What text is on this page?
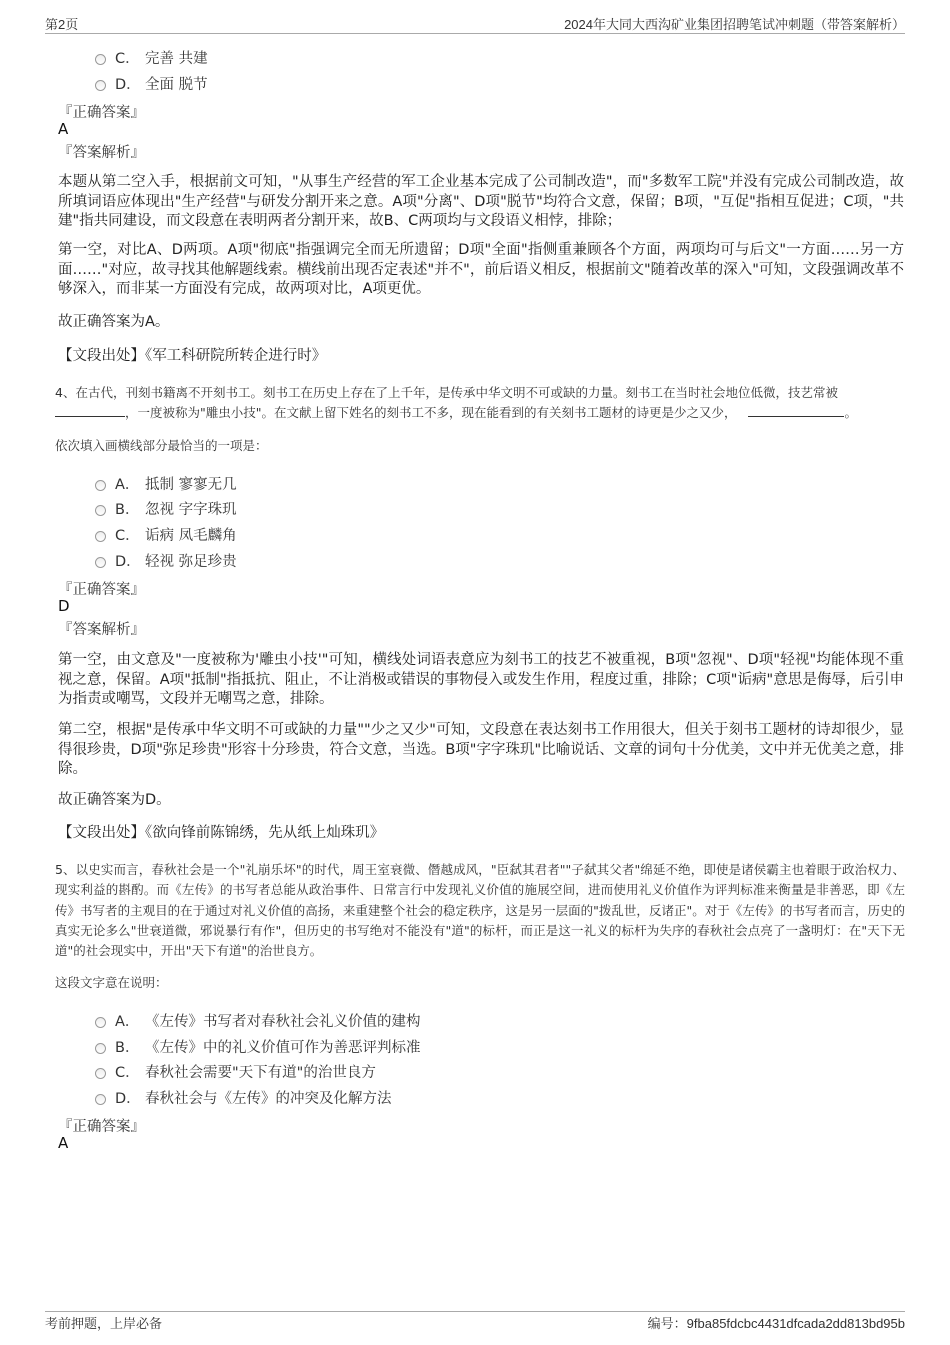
第2页	2024年大同大西沟矿业集团招聘笔试冲刺题（带答案解析）
C． 完善 共建
D． 全面 脱节
『正确答案』
A
『答案解析』
本题从第二空入手，根据前文可知，"从事生产经营的军工企业基本完成了公司制改造"，而"多数军工院"并没有完成公司制改造，故所填词语应体现出"生产经营"与研发分割开来之意。A项"分离"、D项"脱节"均符合文意，保留；B项，"互促"指相互促进；C项，"共建"指共同建设，而文段意在表明两者分割开来，故B、C两项均与文段语义相悖，排除；
第一空，对比A、D两项。A项"彻底"指强调完全而无所遗留；D项"全面"指侧重兼顾各个方面，两项均可与后文"一方面……另一方面……"对应，故寻找其他解题线索。横线前出现否定表述"并不"，前后语义相反，根据前文"随着改革的深入"可知，文段强调改革不够深入，而非某一方面没有完成，故两项对比，A项更优。
故正确答案为A。
【文段出处】《军工科研院所转企进行时》
4、在古代，刊刻书籍离不开刻书工。刻书工在历史上存在了上千年，是传承中华文明不可或缺的力量。刻书工在当时社会地位低微，技艺常被
，一度被称为"雕虫小技"。在文献上留下姓名的刻书工不多，现在能看到的有关刻书工题材的诗更是少之又少，	。
依次填入画横线部分最恰当的一项是：
A． 抵制 寥寥无几
B． 忽视 字字珠玑
C． 诟病 凤毛麟角
D． 轻视 弥足珍贵
『正确答案』
D
『答案解析』
第一空，由文意及"一度被称为'雕虫小技'"可知，横线处词语表意应为刻书工的技艺不被重视，B项"忽视"、D项"轻视"均能体现不重视之意，保留。A项"抵制"指抵抗、阻止，不让消极或错误的事物侵入或发生作用，程度过重，排除；C项"诟病"意思是侮辱，后引申为指责或嘲骂，文段并无嘲骂之意，排除。
第二空，根据"是传承中华文明不可或缺的力量""少之又少"可知，文段意在表达刻书工作用很大，但关于刻书工题材的诗却很少，显得很珍贵，D项"弥足珍贵"形容十分珍贵，符合文意，当选。B项"字字珠玑"比喻说话、文章的词句十分优美，文中并无优美之意，排除。
故正确答案为D。
【文段出处】《欲向锋前陈锦绣，先从纸上灿珠玑》
5、以史实而言，春秋社会是一个"礼崩乐坏"的时代，周王室衰微、僭越成风，"臣弑其君者""子弑其父者"绵延不绝，即使是诸侯霸主也着眼于政治权力、现实利益的斟酌。而《左传》的书写者总能从政治事件、日常言行中发现礼义价值的施展空间，进而使用礼义价值作为评判标准来衡量是非善恶，即《左传》书写者的主观目的在于通过对礼义价值的高扬，来重建整个社会的稳定秩序，这是另一层面的"拨乱世，反诸正"。对于《左传》的书写者而言，历史的真实无论多么"世衰道微，邪说暴行有作"，但历史的书写绝对不能没有"道"的标杆，而正是这一礼义的标杆为失序的春秋社会点亮了一盏明灯：在"天下无道"的社会现实中，开出"天下有道"的治世良方。
这段文字意在说明：
A． 《左传》书写者对春秋社会礼义价值的建构
B． 《左传》中的礼义价值可作为善恶评判标准
C． 春秋社会需要"天下有道"的治世良方
D． 春秋社会与《左传》的冲突及化解方法
『正确答案』
A
考前押题，上岸必备	编号：9fba85fdcbc4431dfcada2dd813bd95b
